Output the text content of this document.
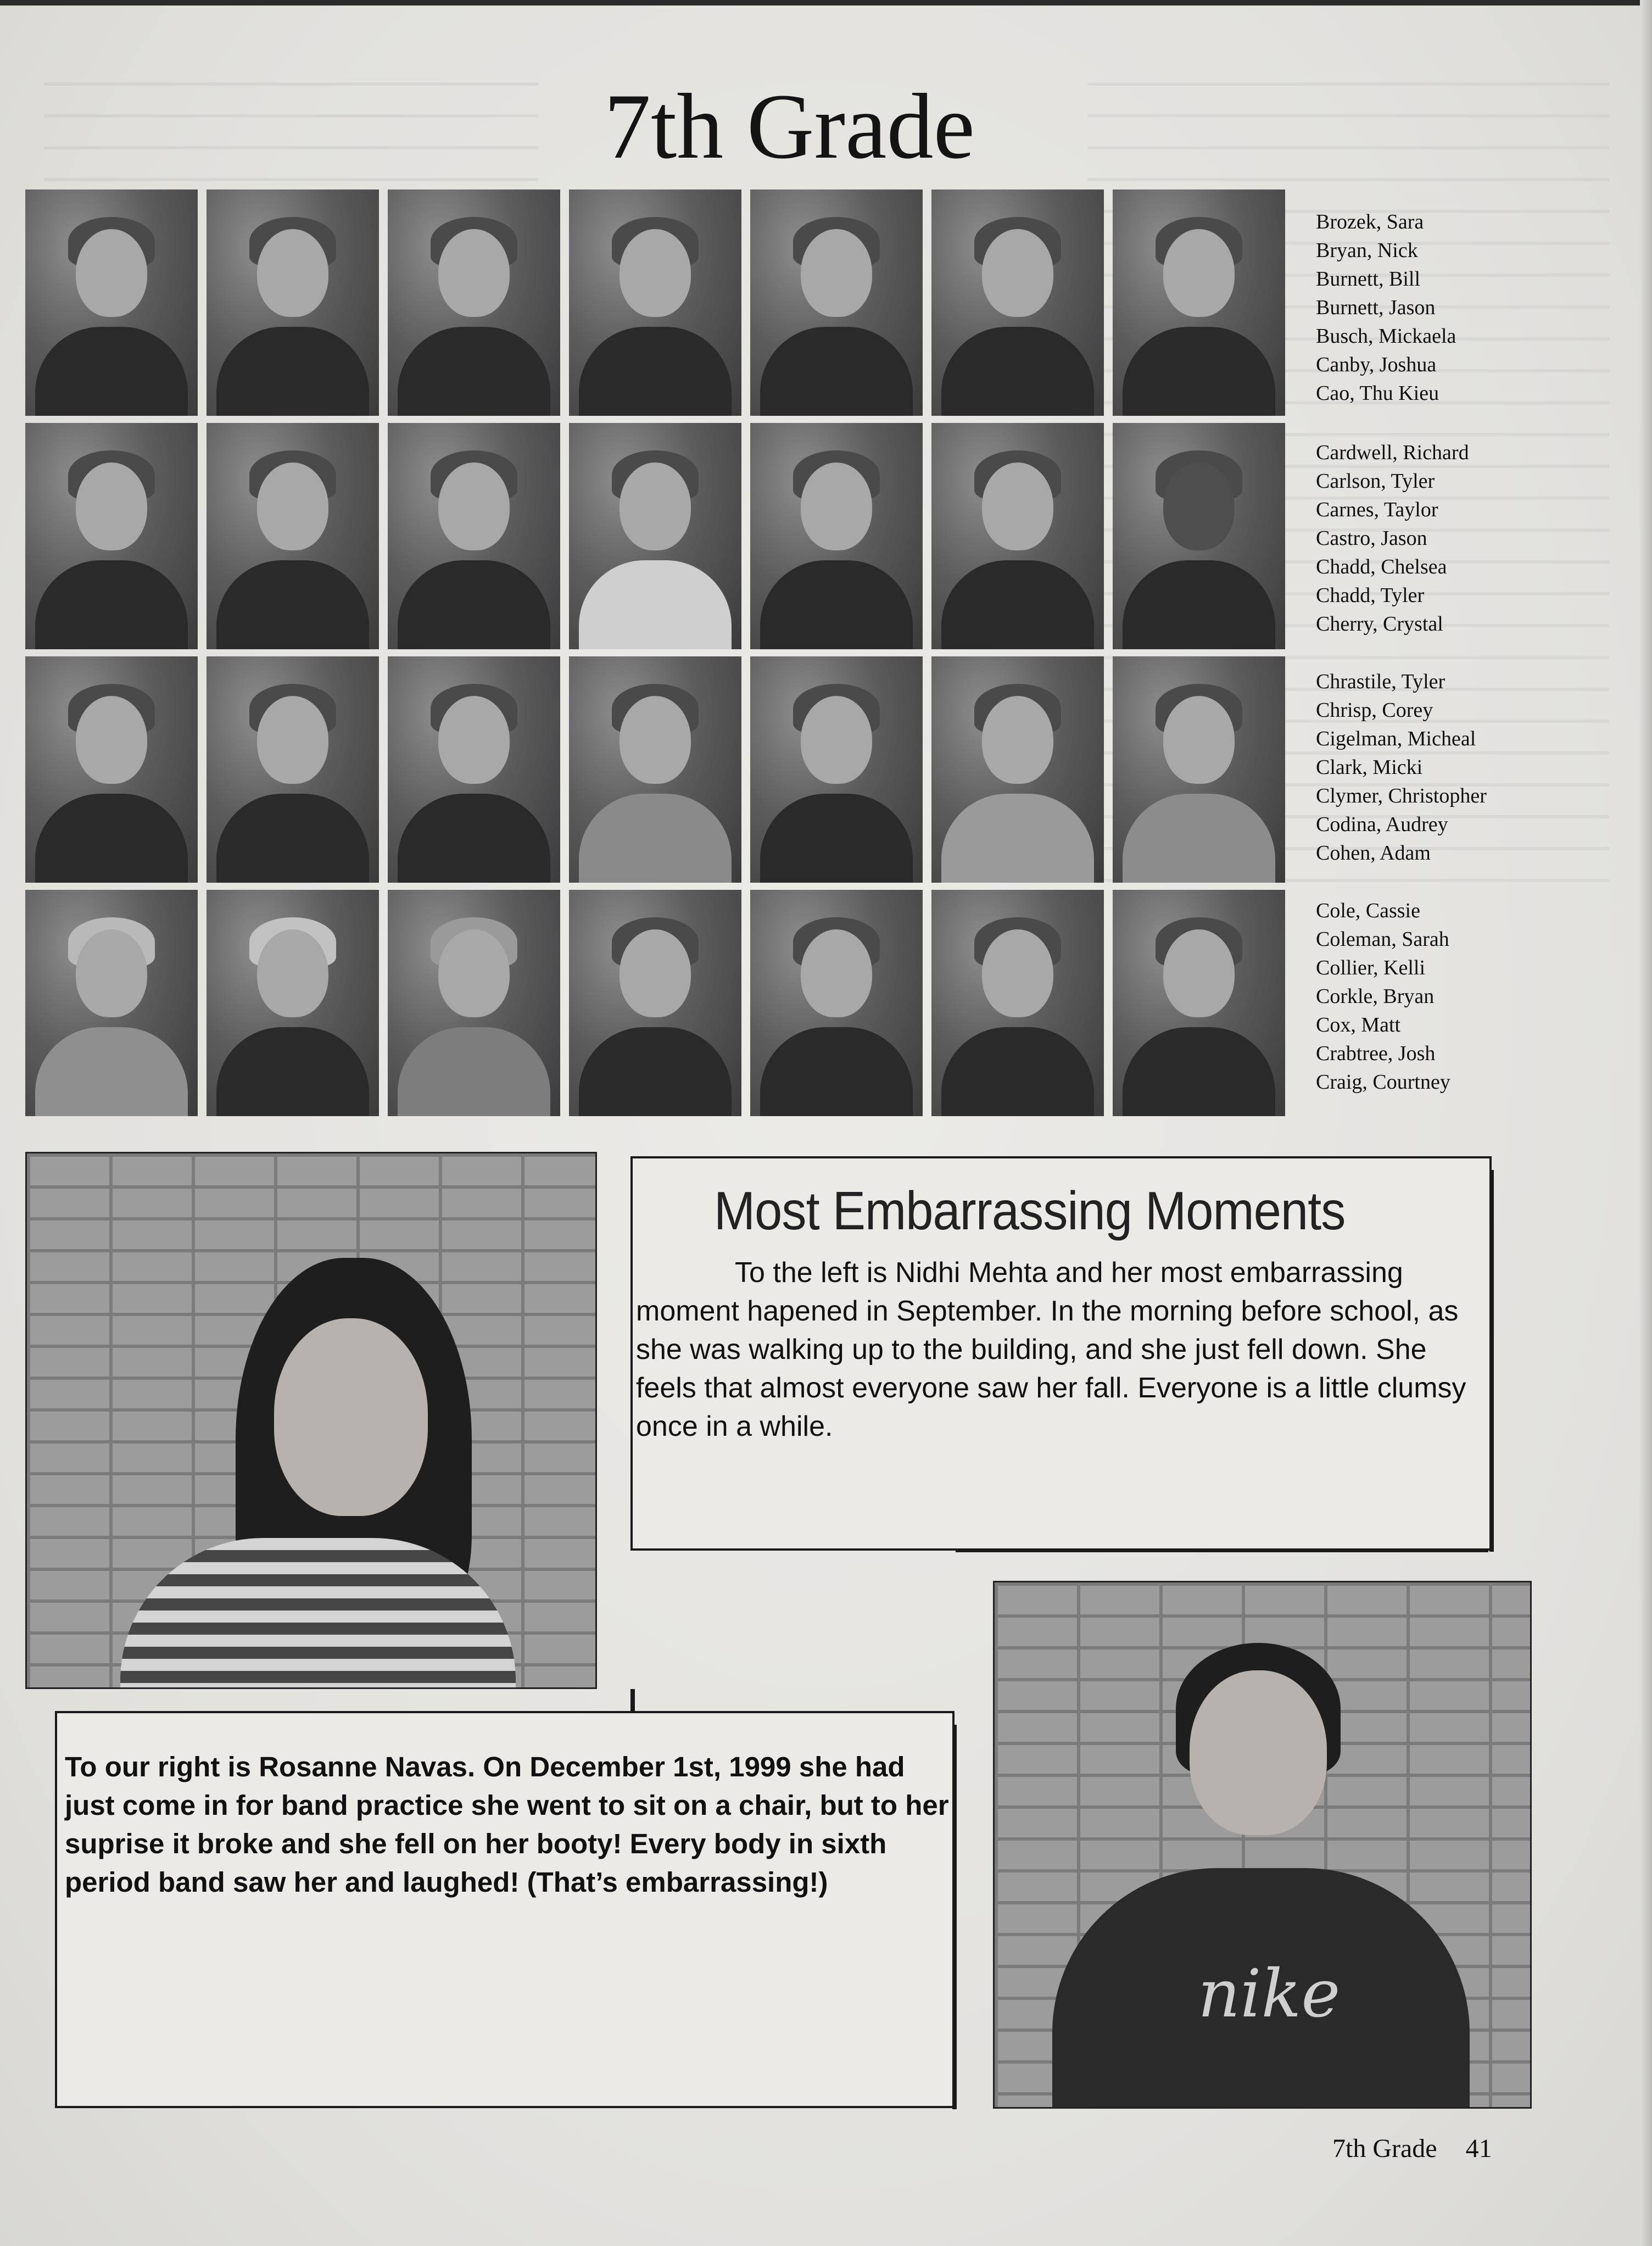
7th Grade
Brozek, Sara
Bryan, Nick
Burnett, Bill
Burnett, Jason
Busch, Mickaela
Canby, Joshua
Cao, Thu Kieu
Cardwell, Richard
Carlson, Tyler
Carnes, Taylor
Castro, Jason
Chadd, Chelsea
Chadd, Tyler
Cherry, Crystal
Chrastile, Tyler
Chrisp, Corey
Cigelman, Micheal
Clark, Micki
Clymer, Christopher
Codina, Audrey
Cohen, Adam
Cole, Cassie
Coleman, Sarah
Collier, Kelli
Corkle, Bryan
Cox, Matt
Crabtree, Josh
Craig, Courtney
nike
Most Embarrassing Moments

To the left is Nidhi Mehta and her most embarrassing moment hapened in September. In the morning before school, as she was walking up to the building, and she just fell down. She feels that almost everyone saw her fall. Everyone is a little clumsy once in a while.

To our right is Rosanne Navas. On December 1st, 1999 she had just come in for band practice she went to sit on a chair, but to her suprise it broke and she fell on her booty! Every body in sixth period band saw her and laughed! (That’s embarrassing!)
7th Grade 41
